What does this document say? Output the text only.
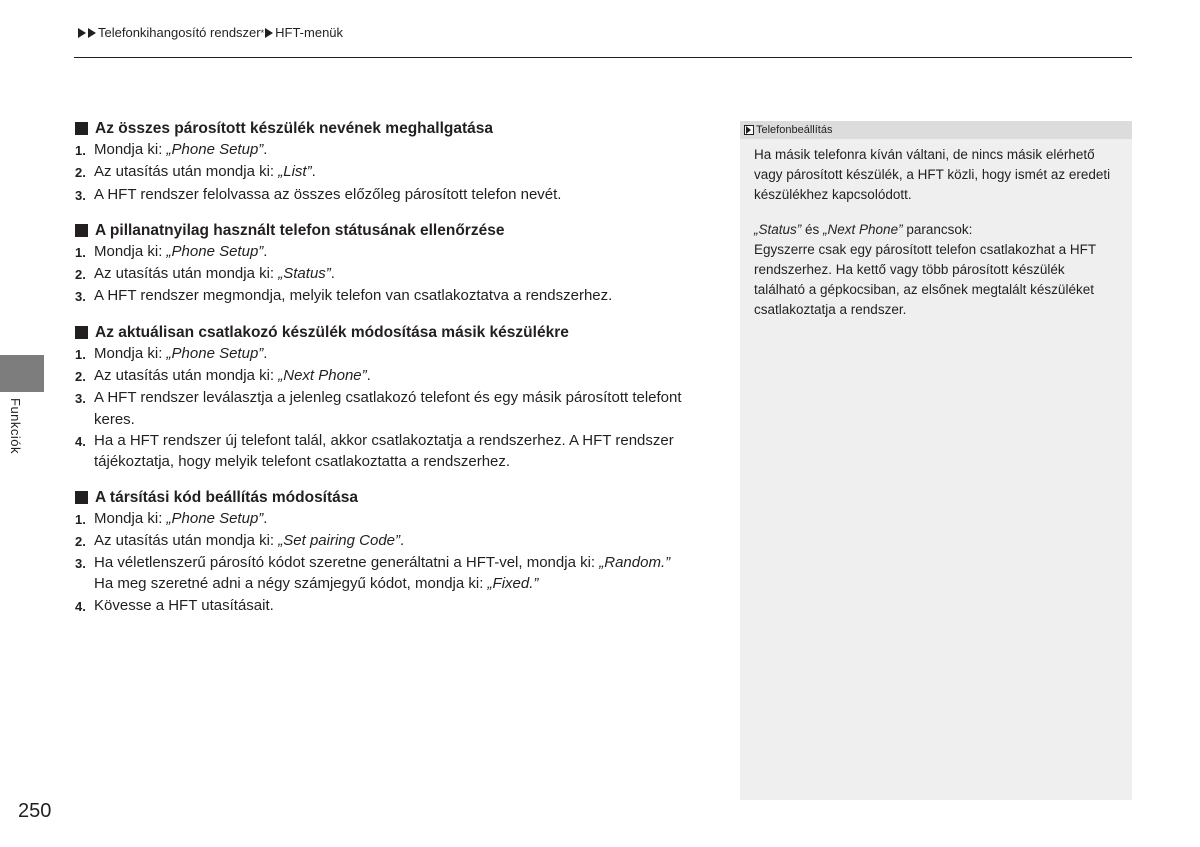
Telefonkihangosító rendszer * HFT-menük
Funkciók
250
Az összes párosított készülék nevének meghallgatása
1. Mondja ki: „Phone Setup”.
2. Az utasítás után mondja ki: „List”.
3. A HFT rendszer felolvassa az összes előzőleg párosított telefon nevét.
A pillanatnyilag használt telefon státusának ellenőrzése
1. Mondja ki: „Phone Setup”.
2. Az utasítás után mondja ki: „Status”.
3. A HFT rendszer megmondja, melyik telefon van csatlakoztatva a rendszerhez.
Az aktuálisan csatlakozó készülék módosítása másik készülékre
1. Mondja ki: „Phone Setup”.
2. Az utasítás után mondja ki: „Next Phone”.
3. A HFT rendszer leválasztja a jelenleg csatlakozó telefont és egy másik párosított telefont keres.
4. Ha a HFT rendszer új telefont talál, akkor csatlakoztatja a rendszerhez. A HFT rendszer tájékoztatja, hogy melyik telefont csatlakoztatta a rendszerhez.
A társítási kód beállítás módosítása
1. Mondja ki: „Phone Setup”.
2. Az utasítás után mondja ki: „Set pairing Code”.
3. Ha véletlenszerű párosító kódot szeretne generáltatni a HFT-vel, mondja ki: „Random.”
Ha meg szeretné adni a négy számjegyű kódot, mondja ki: „Fixed.”
4. Kövesse a HFT utasításait.
Telefonbeállítás
Ha másik telefonra kíván váltani, de nincs másik elérhető vagy párosított készülék, a HFT közli, hogy ismét az eredeti készülékhez kapcsolódott.
„Status” és „Next Phone” parancsok:
Egyszerre csak egy párosított telefon csatlakozhat a HFT rendszerhez. Ha kettő vagy több párosított készülék található a gépkocsiban, az elsőnek megtalált készüléket csatlakoztatja a rendszer.
